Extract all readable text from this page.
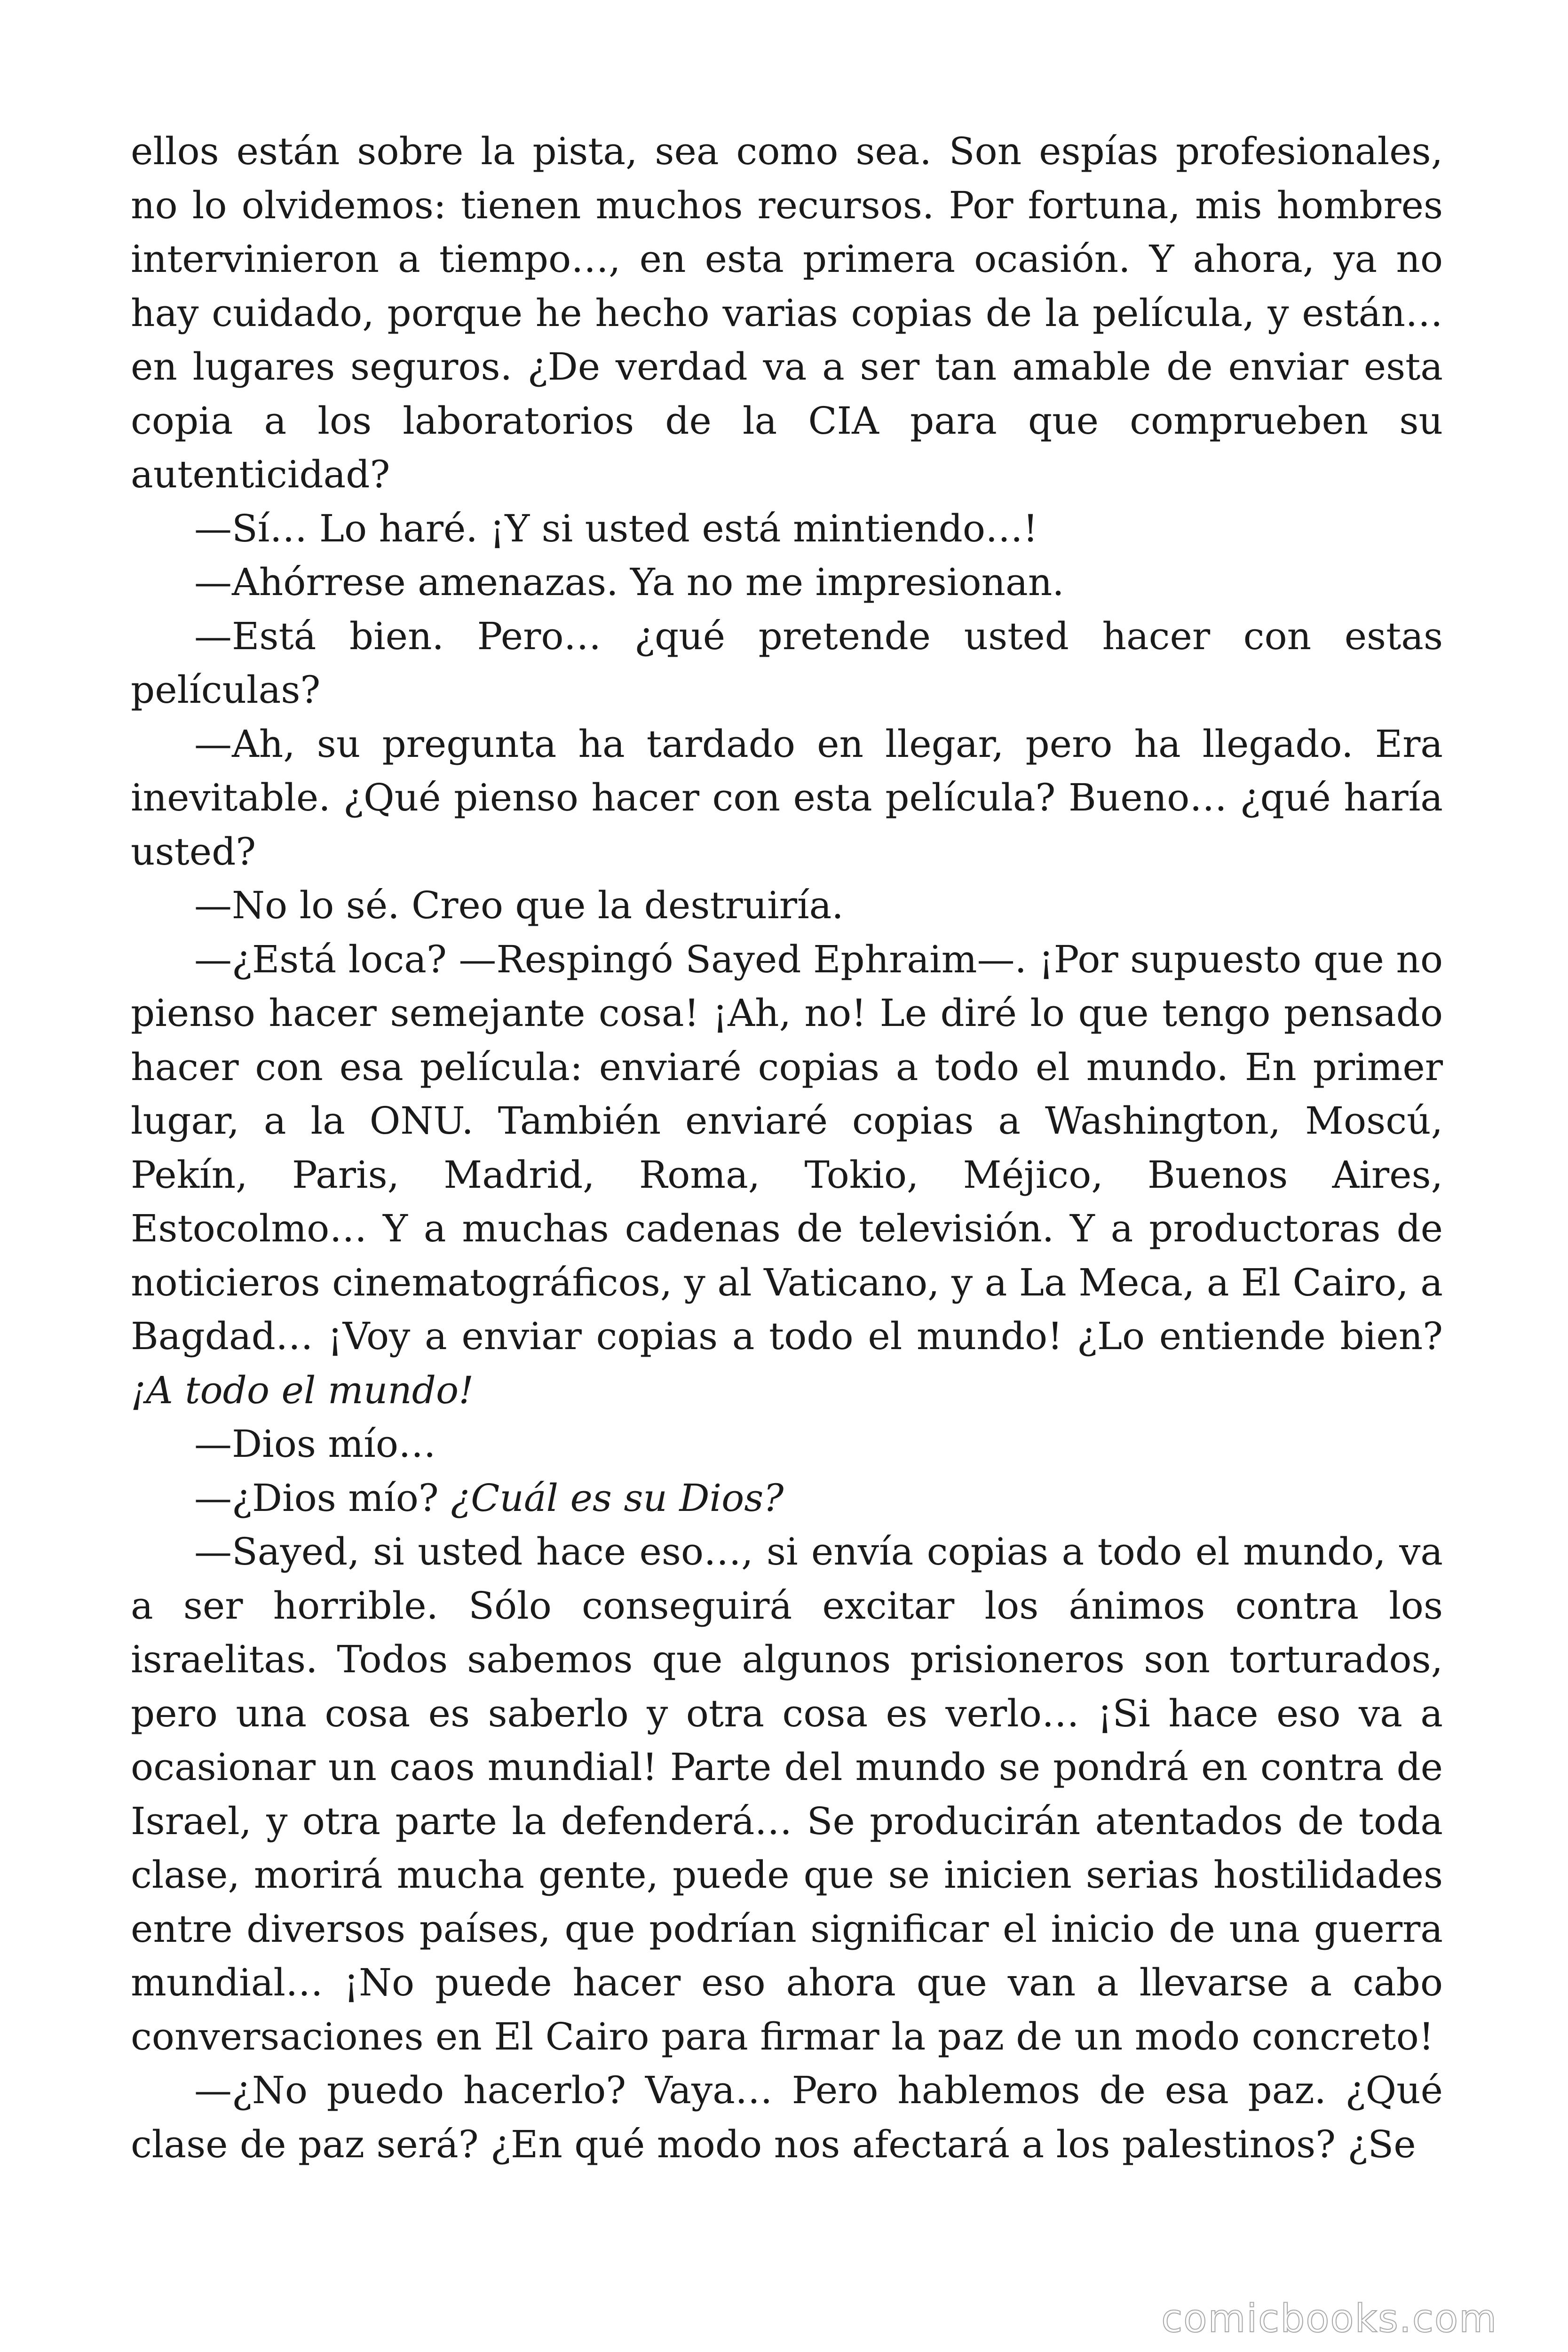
ellos están sobre la pista, sea como sea. Son espías profesionales, no lo olvidemos: tienen muchos recursos. Por fortuna, mis hombres intervinieron a tiempo…, en esta primera ocasión. Y ahora, ya no hay cuidado, porque he hecho varias copias de la película, y están… en lugares seguros. ¿De verdad va a ser tan amable de enviar esta copia a los laboratorios de la CIA para que comprueben su autenticidad?

—Sí… Lo haré. ¡Y si usted está mintiendo…!

—Ahórrese amenazas. Ya no me impresionan.

—Está bien. Pero… ¿qué pretende usted hacer con estas películas?

—Ah, su pregunta ha tardado en llegar, pero ha llegado. Era inevitable. ¿Qué pienso hacer con esta película? Bueno… ¿qué haría usted?

—No lo sé. Creo que la destruiría.

—¿Está loca? —Respingó Sayed Ephraim—. ¡Por supuesto que no pienso hacer semejante cosa! ¡Ah, no! Le diré lo que tengo pensado hacer con esa película: enviaré copias a todo el mundo. En primer lugar, a la ONU. También enviaré copias a Washington, Moscú, Pekín, Paris, Madrid, Roma, Tokio, Méjico, Buenos Aires, Estocolmo… Y a muchas cadenas de televisión. Y a productoras de noticieros cinematográficos, y al Vaticano, y a La Meca, a El Cairo, a Bagdad… ¡Voy a enviar copias a todo el mundo! ¿Lo entiende bien? ¡A todo el mundo!

—Dios mío…

—¿Dios mío? ¿Cuál es su Dios?

—Sayed, si usted hace eso…, si envía copias a todo el mundo, va a ser horrible. Sólo conseguirá excitar los ánimos contra los israelitas. Todos sabemos que algunos prisioneros son torturados, pero una cosa es saberlo y otra cosa es verlo… ¡Si hace eso va a ocasionar un caos mundial! Parte del mundo se pondrá en contra de Israel, y otra parte la defenderá… Se producirán atentados de toda clase, morirá mucha gente, puede que se inicien serias hostilidades entre diversos países, que podrían significar el inicio de una guerra mundial… ¡No puede hacer eso ahora que van a llevarse a cabo conversaciones en El Cairo para firmar la paz de un modo concreto!

—¿No puedo hacerlo? Vaya… Pero hablemos de esa paz. ¿Qué clase de paz será? ¿En qué modo nos afectará a los palestinos? ¿Se

comicbooks.com
